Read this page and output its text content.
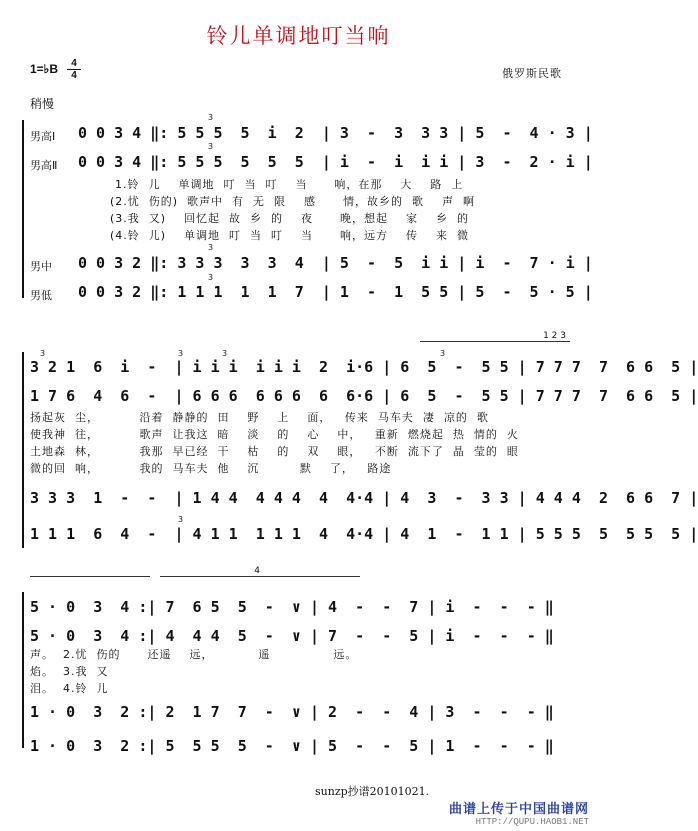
铃儿单调地叮当响
1=♭B	4
4	俄罗斯民歌
稍慢
男高Ⅰ
男高Ⅱ
男中
男低
3
3
3
3
0 0 3 4 ‖: 5 5 5  5  i  2  | 3  -  3  3 3 | 5  -  4 · 3 |
0 0 3 4 ‖: 5 5 5  5  5  5  | i  -  i  i i | 3  -  2 · i |
1.铃  儿    单调地  叮  当  叮    当      响，在那    大    路  上
(2.忧  伤的)  歌声中  有  无  限    感      情，故乡的  歌    声  啊
(3.我  又)    回忆起  故  乡  的    夜      晚，想起    家    乡  的
(4.铃  儿)    单调地  叮  当  叮    当      响，远方    传    来  微
0 0 3 2 ‖: 3 3 3  3  3  4  | 5  -  5  i i | i  -  7 · i |
0 0 3 2 ‖: 1 1 1  1  1  7  | 1  -  1  5 5 | 5  -  5 · 5 |
1 2 3
3	3	3	3
3
3 2 1  6  i  -  | i i i  i i i  2  i·6 | 6  5  -  5 5 | 7 7 7  7  6 6  5 |
1 7 6  4  6  -  | 6 6 6  6 6 6  6  6·6 | 6  5  -  5 5 | 7 7 7  7  6 6  5 |
扬起灰  尘，         沿着  静静的  田    野    上    面，   传来  马车夫  凄  凉的  歌
使我神  往，         歌声  让我这  暗    淡    的    心    中，   重新  燃烧起  热  情的  火
土地森  林，         我那  早已经  干    枯    的    双    眼，   不断  流下了  晶  莹的  眼
微的回  响，         我的  马车夫  他    沉         默    了，   路途
3 3 3  1  -  -  | 1 4 4  4 4 4  4  4·4 | 4  3  -  3 3 | 4 4 4  2  6 6  7 |
1 1 1  6  4  -  | 4 1 1  1 1 1  4  4·4 | 4  1  -  1 1 | 5 5 5  5  5 5  5 |
4
5 · 0  3  4 :| 7  6 5  5  -  ∨ | 4  -  -  7 | i  -  -  - ‖
5 · 0  3  4 :| 4  4 4  5  -  ∨ | 7  -  -  5 | i  -  -  - ‖
声。  2.忧  伤的      还遥    远，          遥              远。
焰。  3.我  又
泪。  4.铃  儿
1 · 0  3  2 :| 2  1 7  7  -  ∨ | 2  -  -  4 | 3  -  -  - ‖
1 · 0  3  2 :| 5  5 5  5  -  ∨ | 5  -  -  5 | 1  -  -  - ‖
sunzp抄谱20101021.
曲谱上传于中国曲谱网
HTTP://QUPU.HAOB1.NET
